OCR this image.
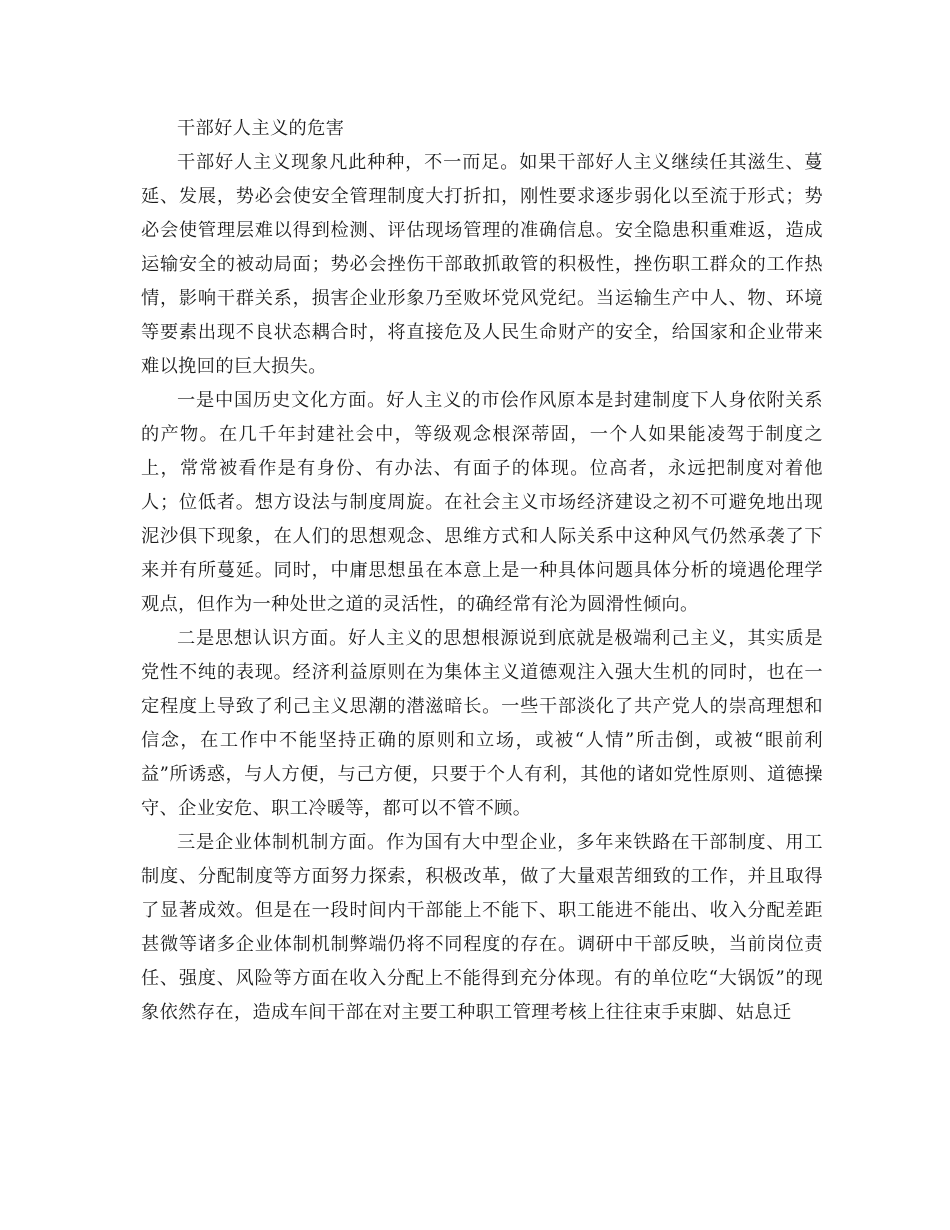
干部好人主义的危害

干部好人主义现象凡此种种，不一而足。如果干部好人主义继续任其滋生、蔓延、发展，势必会使安全管理制度大打折扣，刚性要求逐步弱化以至流于形式；势必会使管理层难以得到检测、评估现场管理的准确信息。安全隐患积重难返，造成运输安全的被动局面；势必会挫伤干部敢抓敢管的积极性，挫伤职工群众的工作热情，影响干群关系，损害企业形象乃至败坏党风党纪。当运输生产中人、物、环境等要素出现不良状态耦合时，将直接危及人民生命财产的安全，给国家和企业带来难以挽回的巨大损失。

一是中国历史文化方面。好人主义的市侩作风原本是封建制度下人身依附关系的产物。在几千年封建社会中，等级观念根深蒂固，一个人如果能凌驾于制度之上，常常被看作是有身份、有办法、有面子的体现。位高者，永远把制度对着他人；位低者。想方设法与制度周旋。在社会主义市场经济建设之初不可避免地出现泥沙俱下现象，在人们的思想观念、思维方式和人际关系中这种风气仍然承袭了下来并有所蔓延。同时，中庸思想虽在本意上是一种具体问题具体分析的境遇伦理学观点，但作为一种处世之道的灵活性，的确经常有沦为圆滑性倾向。

二是思想认识方面。好人主义的思想根源说到底就是极端利己主义，其实质是党性不纯的表现。经济利益原则在为集体主义道德观注入强大生机的同时，也在一定程度上导致了利己主义思潮的潜滋暗长。一些干部淡化了共产党人的崇高理想和信念，在工作中不能坚持正确的原则和立场，或被“人情”所击倒，或被“眼前利益”所诱惑，与人方便，与己方便，只要于个人有利，其他的诸如党性原则、道德操守、企业安危、职工冷暖等，都可以不管不顾。

三是企业体制机制方面。作为国有大中型企业，多年来铁路在干部制度、用工制度、分配制度等方面努力探索，积极改革，做了大量艰苦细致的工作，并且取得了显著成效。但是在一段时间内干部能上不能下、职工能进不能出、收入分配差距甚微等诸多企业体制机制弊端仍将不同程度的存在。调研中干部反映，当前岗位责任、强度、风险等方面在收入分配上不能得到充分体现。有的单位吃“大锅饭”的现象依然存在，造成车间干部在对主要工种职工管理考核上往往束手束脚、姑息迁
